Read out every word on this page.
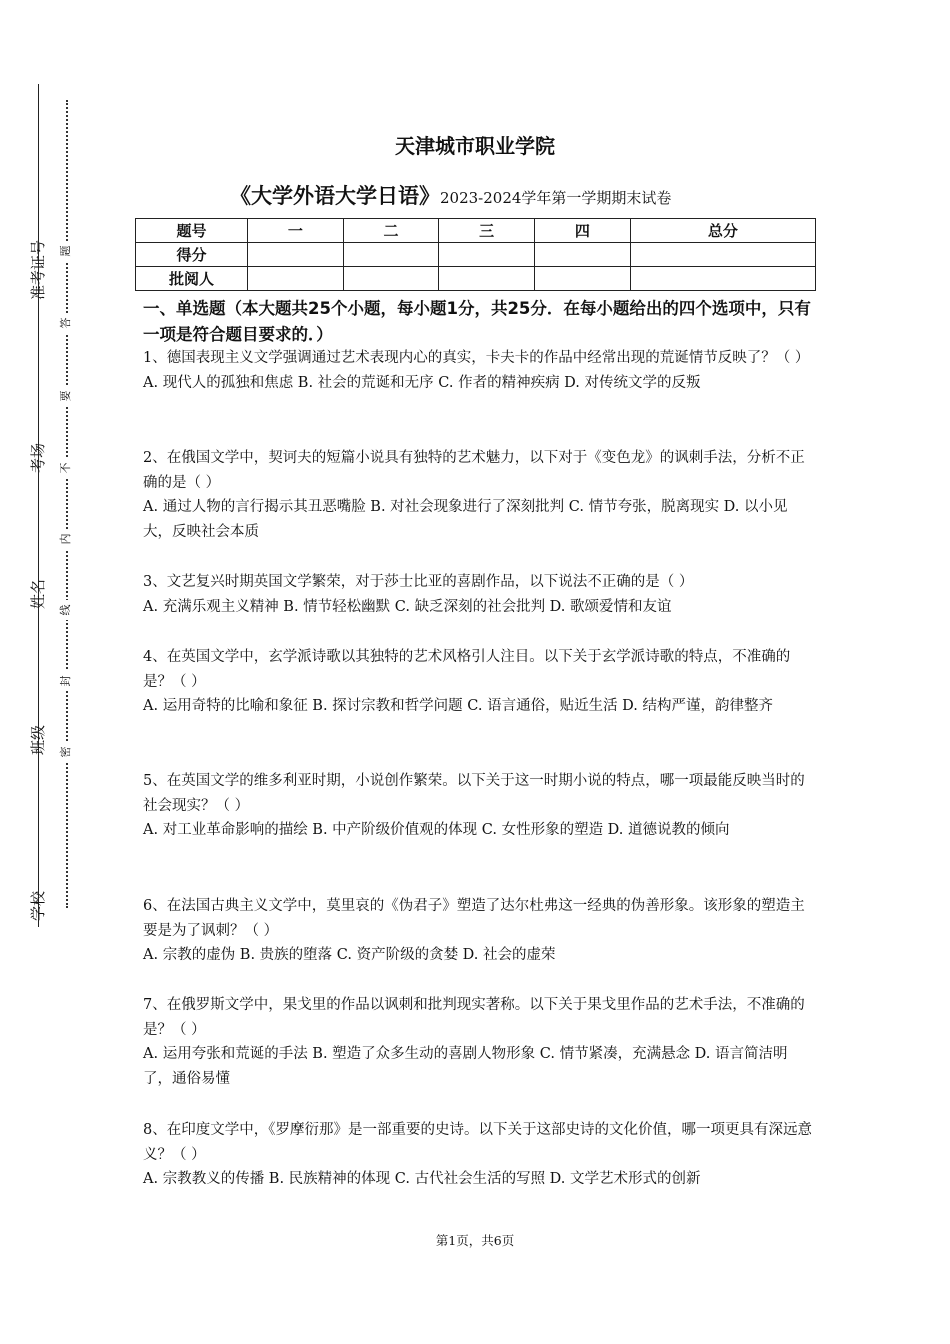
准考证号
考场
姓名
班级
学校
题
答
要
不
内
线
封
密
天津城市职业学院
《大学外语大学日语》2023-2024学年第一学期期末试卷
题号	一	二	三	四	总分
得分					
批阅人					
一、单选题（本大题共25个小题，每小题1分，共25分．在每小题给出的四个选项中，只有一项是符合题目要求的．）

1、德国表现主义文学强调通过艺术表现内心的真实，卡夫卡的作品中经常出现的荒诞情节反映了？（ ）

A. 现代人的孤独和焦虑 B. 社会的荒诞和无序 C. 作者的精神疾病 D. 对传统文学的反叛

2、在俄国文学中，契诃夫的短篇小说具有独特的艺术魅力，以下对于《变色龙》的讽刺手法，分析不正确的是（ ）

A. 通过人物的言行揭示其丑恶嘴脸 B. 对社会现象进行了深刻批判 C. 情节夸张，脱离现实 D. 以小见大，反映社会本质

3、文艺复兴时期英国文学繁荣，对于莎士比亚的喜剧作品，以下说法不正确的是（ ）

A. 充满乐观主义精神 B. 情节轻松幽默 C. 缺乏深刻的社会批判 D. 歌颂爱情和友谊

4、在英国文学中，玄学派诗歌以其独特的艺术风格引人注目。以下关于玄学派诗歌的特点，不准确的是？（ ）

A. 运用奇特的比喻和象征 B. 探讨宗教和哲学问题 C. 语言通俗，贴近生活 D. 结构严谨，韵律整齐

5、在英国文学的维多利亚时期，小说创作繁荣。以下关于这一时期小说的特点，哪一项最能反映当时的社会现实？（ ）

A. 对工业革命影响的描绘 B. 中产阶级价值观的体现 C. 女性形象的塑造 D. 道德说教的倾向

6、在法国古典主义文学中，莫里哀的《伪君子》塑造了达尔杜弗这一经典的伪善形象。该形象的塑造主要是为了讽刺？（ ）

A. 宗教的虚伪 B. 贵族的堕落 C. 资产阶级的贪婪 D. 社会的虚荣

7、在俄罗斯文学中，果戈里的作品以讽刺和批判现实著称。以下关于果戈里作品的艺术手法，不准确的是？（ ）

A. 运用夸张和荒诞的手法 B. 塑造了众多生动的喜剧人物形象 C. 情节紧凑，充满悬念 D. 语言简洁明了，通俗易懂

8、在印度文学中，《罗摩衍那》是一部重要的史诗。以下关于这部史诗的文化价值，哪一项更具有深远意义？（ ）

A. 宗教教义的传播 B. 民族精神的体现 C. 古代社会生活的写照 D. 文学艺术形式的创新

第1页，共6页
